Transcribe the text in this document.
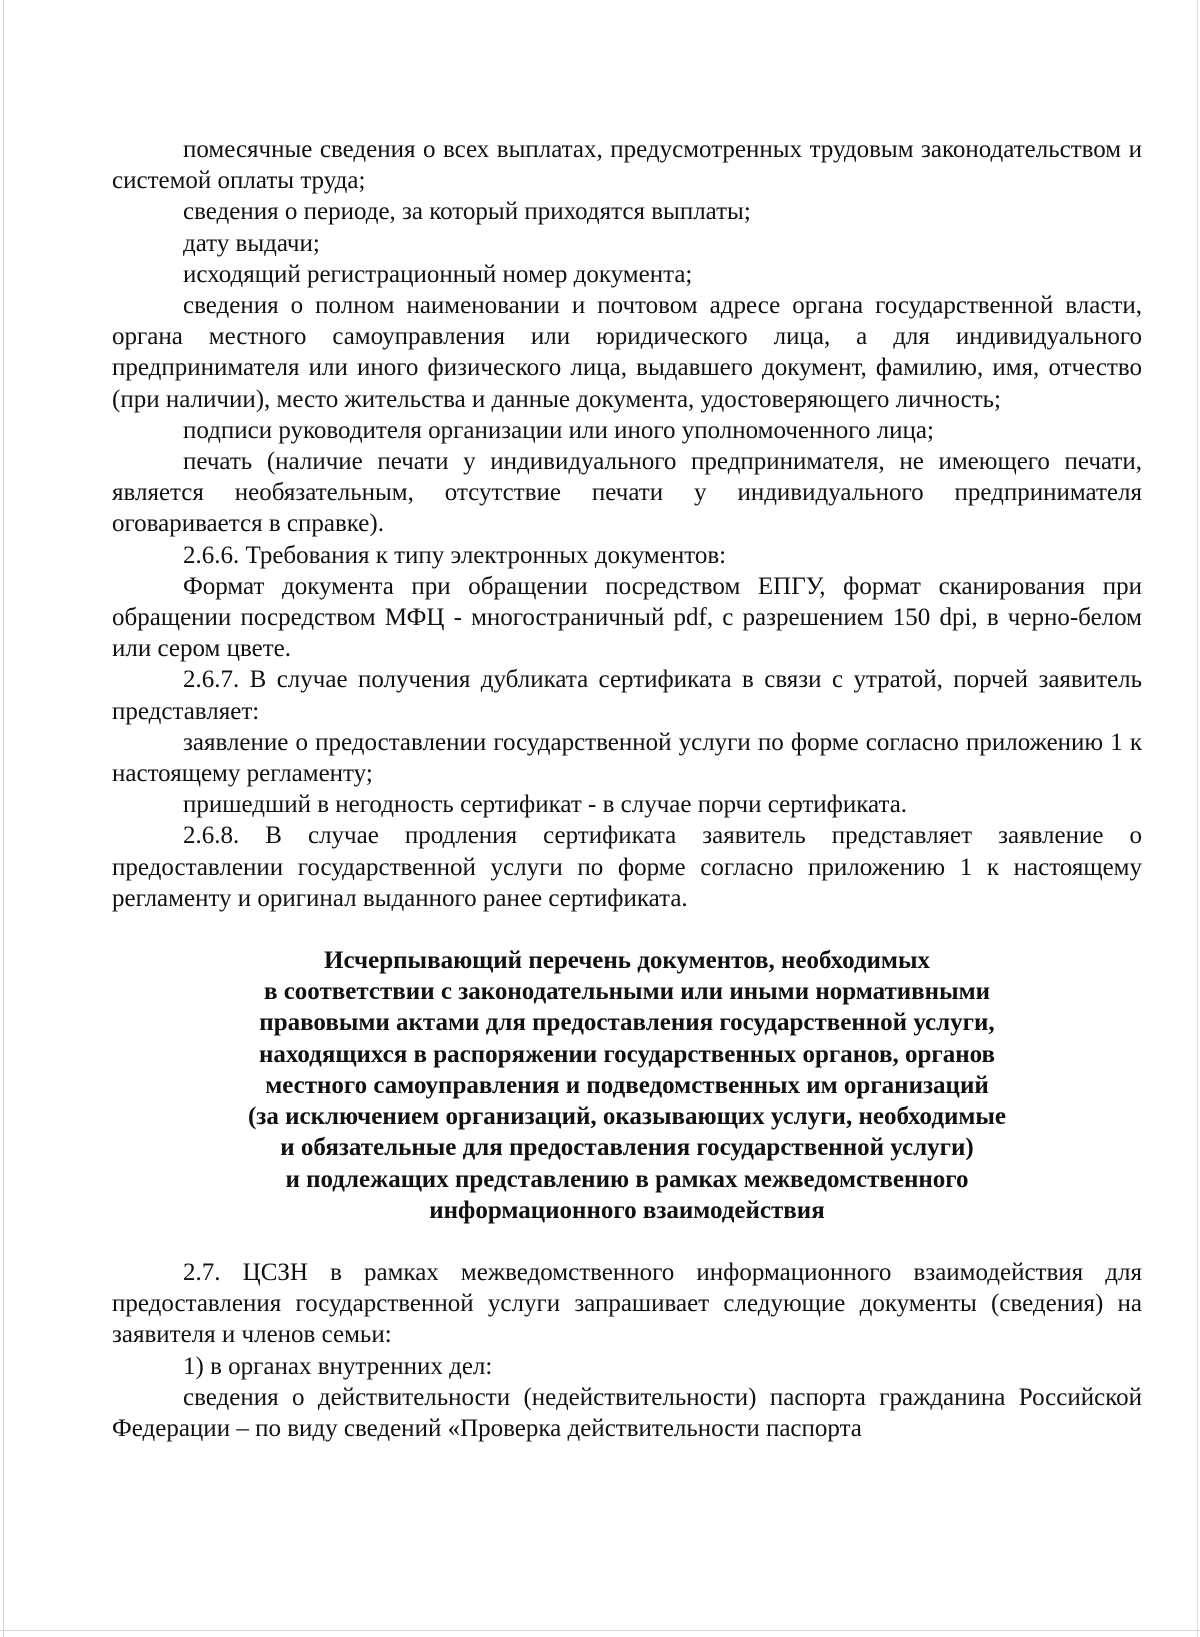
помесячные сведения о всех выплатах, предусмотренных трудовым законодательством и системой оплаты труда;

сведения о периоде, за который приходятся выплаты;

дату выдачи;

исходящий регистрационный номер документа;

сведения о полном наименовании и почтовом адресе органа государственной власти, органа местного самоуправления или юридического лица, а для индивидуального предпринимателя или иного физического лица, выдавшего документ, фамилию, имя, отчество (при наличии), место жительства и данные документа, удостоверяющего личность;

подписи руководителя организации или иного уполномоченного лица;

печать (наличие печати у индивидуального предпринимателя, не имеющего печати, является необязательным, отсутствие печати у индивидуального предпринимателя оговаривается в справке).

2.6.6. Требования к типу электронных документов:

Формат документа при обращении посредством ЕПГУ, формат сканирования при обращении посредством МФЦ - многостраничный pdf, с разрешением 150 dpi, в черно-белом или сером цвете.

2.6.7. В случае получения дубликата сертификата в связи с утратой, порчей заявитель представляет:

заявление о предоставлении государственной услуги по форме согласно приложению 1 к настоящему регламенту;

пришедший в негодность сертификат - в случае порчи сертификата.

2.6.8. В случае продления сертификата заявитель представляет заявление о предоставлении государственной услуги по форме согласно приложению 1 к настоящему регламенту и оригинал выданного ранее сертификата.

Исчерпывающий перечень документов, необходимых
в соответствии с законодательными или иными нормативными
правовыми актами для предоставления государственной услуги,
находящихся в распоряжении государственных органов, органов
местного самоуправления и подведомственных им организаций
(за исключением организаций, оказывающих услуги, необходимые
и обязательные для предоставления государственной услуги)
и подлежащих представлению в рамках межведомственного
информационного взаимодействия

2.7. ЦСЗН в рамках межведомственного информационного взаимодействия для предоставления государственной услуги запрашивает следующие документы (сведения) на заявителя и членов семьи:

1) в органах внутренних дел:

сведения о действительности (недействительности) паспорта гражданина Российской Федерации – по виду сведений «Проверка действительности паспорта
